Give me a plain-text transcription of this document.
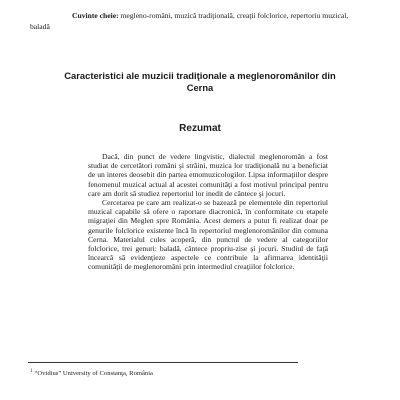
Cuvinte cheie: megleno-români, muzică tradiţională, creaţii folclorice, repertoriu muzical, baladă
Caracteristici ale muzicii tradiţionale a meglenoromânilor din Cerna
Rezumat

Dacă, din punct de vedere lingvistic, dialectul meglenoromân a fost studiat de cercetători români şi străini, muzica lor tradiţională nu a beneficiat de un interes deosebit din partea etnomuzicologilor. Lipsa informaţiilor despre fenomenul muzical actual al acestei comunităţi a fost motivul principal pentru care am dorit să studiez repertoriul lor inedit de cântece şi jocuri.

Cercetarea pe care am realizat-o se bazează pe elementele din repertoriul muzical capabile să ofere o raportare diacronică, în conformitate cu etapele migraţiei din Meglen spre România. Acest demers a putut fi realizat doar pe genurile folclorice existente încă în repertoriul meglenoromânilor din comuna Cerna. Materialul cules acoperă, din punctul de vedere al categoriilor folclorice, trei genuri: baladă, cântece propriu-zise şi jocuri. Studiul de faţă încearcă să evidenţieze aspectele ce contribuie la afirmarea identităţii comunităţii de meglenoromâni prin intermediul creaţiilor folclorice.

$^1$ “Ovidius” University of Constanţa, România
